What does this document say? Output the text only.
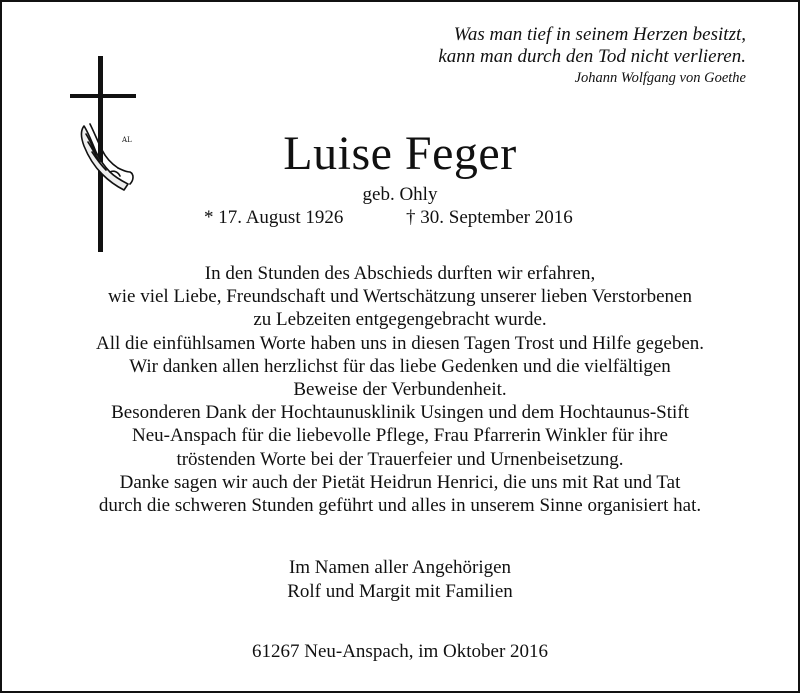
Was man tief in seinem Herzen besitzt,
kann man durch den Tod nicht verlieren.
Johann Wolfgang von Goethe
AL	Luise Feger
geb. Ohly
* 17. August 1926	† 30. September 2016
In den Stunden des Abschieds durften wir erfahren,
wie viel Liebe, Freundschaft und Wertschätzung unserer lieben Verstorbenen
zu Lebzeiten entgegengebracht wurde.
All die einfühlsamen Worte haben uns in diesen Tagen Trost und Hilfe gegeben.
Wir danken allen herzlichst für das liebe Gedenken und die vielfältigen
Beweise der Verbundenheit.
Besonderen Dank der Hochtaunusklinik Usingen und dem Hochtaunus-Stift
Neu-Anspach für die liebevolle Pflege, Frau Pfarrerin Winkler für ihre
tröstenden Worte bei der Trauerfeier und Urnenbeisetzung.
Danke sagen wir auch der Pietät Heidrun Henrici, die uns mit Rat und Tat
durch die schweren Stunden geführt und alles in unserem Sinne organisiert hat.
Im Namen aller Angehörigen
Rolf und Margit mit Familien
61267 Neu-Anspach, im Oktober 2016
